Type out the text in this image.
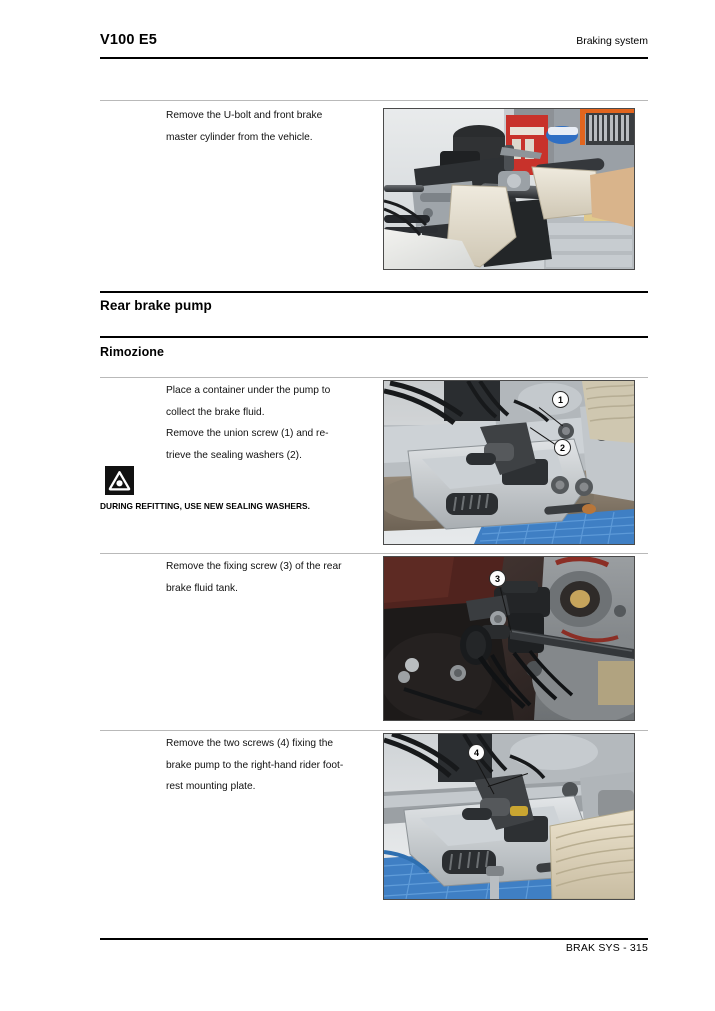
V100 E5	Braking system

Remove the U-bolt and front brake

master cylinder from the vehicle.

Rear brake pump
Rimozione

Place a container under the pump to

collect the brake fluid.

Remove the union screw (1) and re-

trieve the sealing washers (2).

DURING REFITTING, USE NEW SEALING WASHERS.
1
2

Remove the fixing screw (3) of the rear

brake fluid tank.

3

Remove the two screws (4) fixing the

brake pump to the right-hand rider foot-

rest mounting plate.

4
BRAK SYS - 315
